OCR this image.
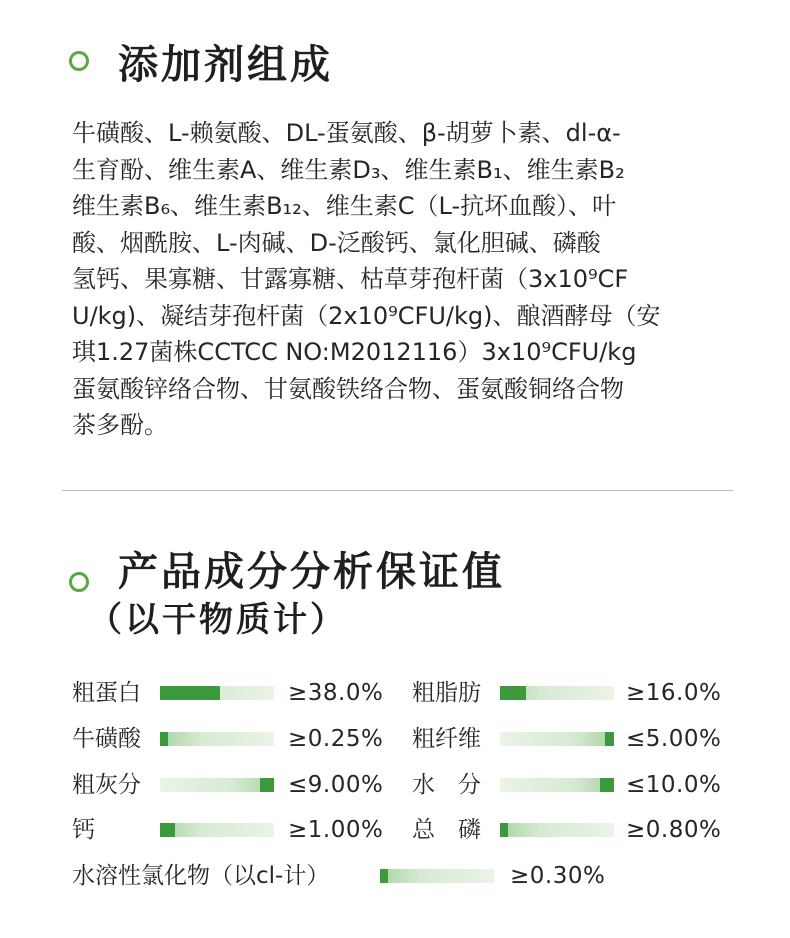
添加剂组成
牛磺酸、L-赖氨酸、DL-蛋氨酸、β-胡萝卜素、dl-α-
生育酚、维生素A、维生素D₃、维生素B₁、维生素B₂
维生素B₆、维生素B₁₂、维生素C（L-抗坏血酸）、叶
酸、烟酰胺、L-肉碱、D-泛酸钙、氯化胆碱、磷酸
氢钙、果寡糖、甘露寡糖、枯草芽孢杆菌（3x10⁹CF
U/kg)、凝结芽孢杆菌（2x10⁹CFU/kg)、酿酒酵母（安
琪1.27菌株CCTCC NO:M2012116）3x10⁹CFU/kg
蛋氨酸锌络合物、甘氨酸铁络合物、蛋氨酸铜络合物
茶多酚。
产品成分分析保证值
（以干物质计）
粗蛋白	≥38.0% 粗脂肪	≥16.0%
牛磺酸	≥0.25% 粗纤维	≤5.00%
粗灰分	≤9.00% 水　分	≤10.0%
钙	≥1.00% 总　磷	≥0.80%
水溶性氯化物（以cl-计）	≥0.30%
